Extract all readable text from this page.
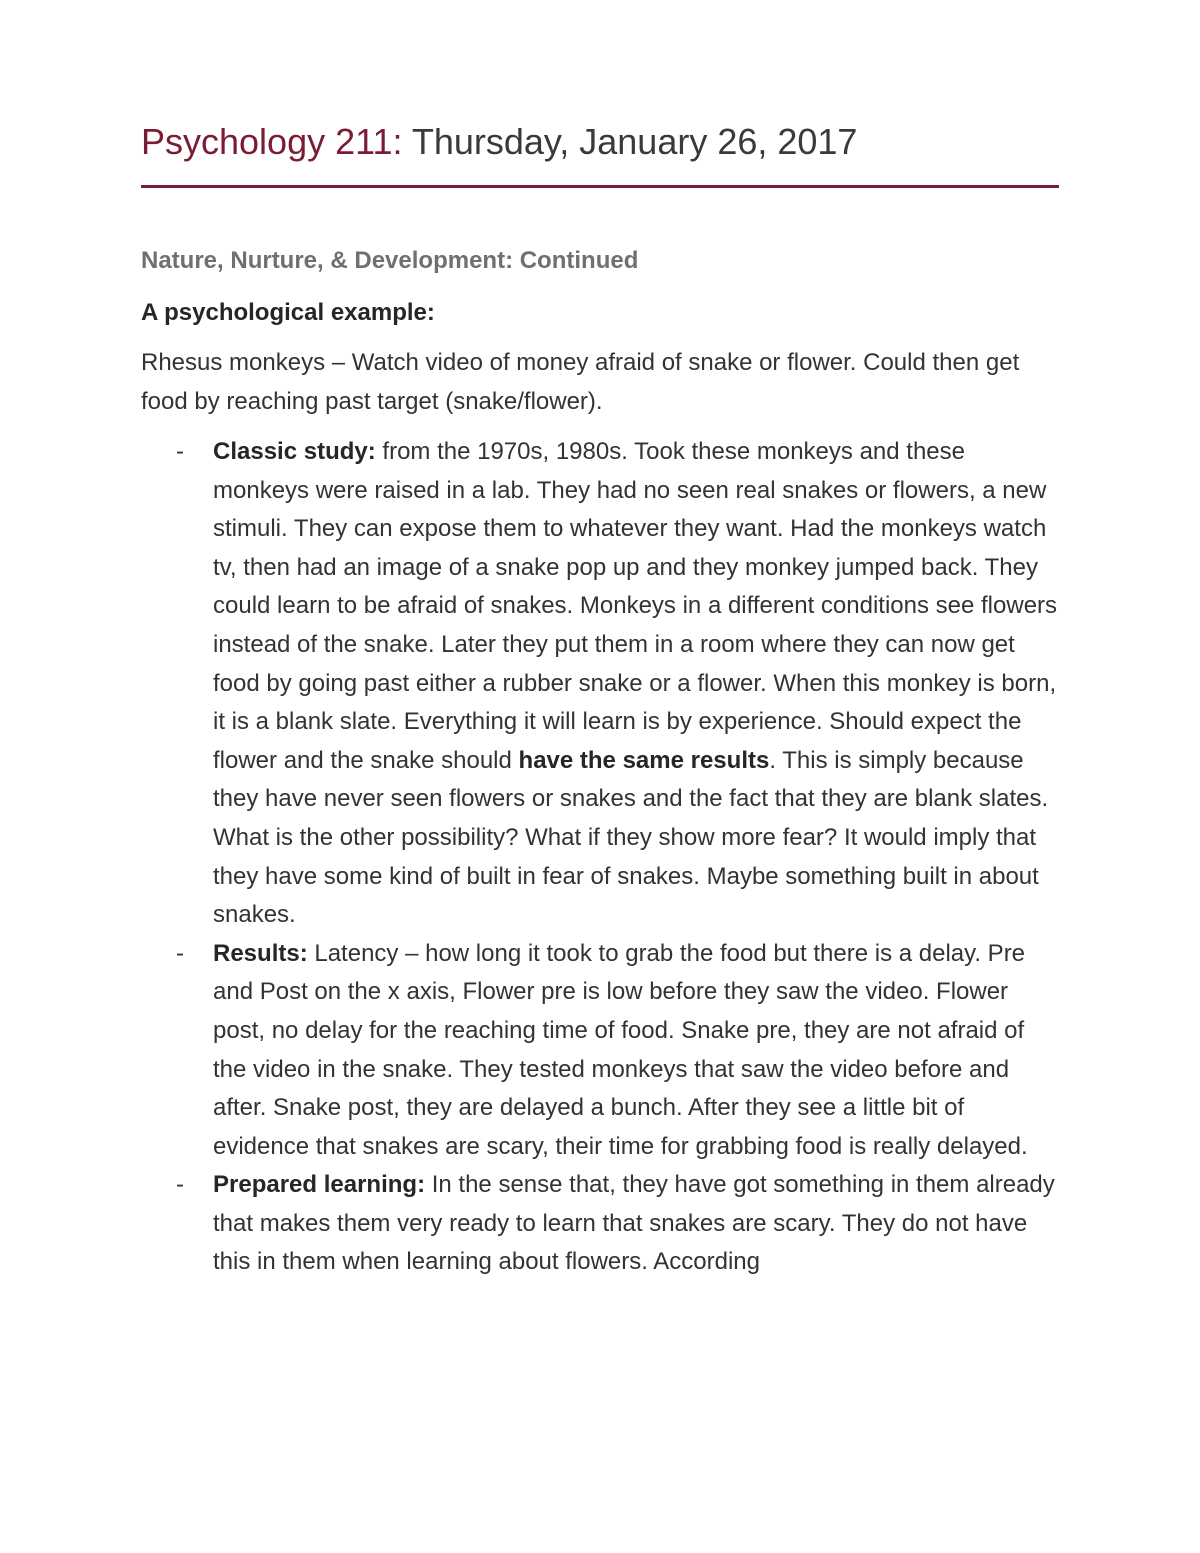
Psychology 211: Thursday, January 26, 2017
Nature, Nurture, & Development: Continued
A psychological example:

Rhesus monkeys – Watch video of money afraid of snake or flower. Could then get food by reaching past target (snake/flower).

- Classic study: from the 1970s, 1980s. Took these monkeys and these monkeys were raised in a lab. They had no seen real snakes or flowers, a new stimuli. They can expose them to whatever they want. Had the monkeys watch tv, then had an image of a snake pop up and they monkey jumped back. They could learn to be afraid of snakes. Monkeys in a different conditions see flowers instead of the snake. Later they put them in a room where they can now get food by going past either a rubber snake or a flower. When this monkey is born, it is a blank slate. Everything it will learn is by experience. Should expect the flower and the snake should have the same results. This is simply because they have never seen flowers or snakes and the fact that they are blank slates. What is the other possibility? What if they show more fear? It would imply that they have some kind of built in fear of snakes. Maybe something built in about snakes.
- Results: Latency – how long it took to grab the food but there is a delay. Pre and Post on the x axis, Flower pre is low before they saw the video. Flower post, no delay for the reaching time of food. Snake pre, they are not afraid of the video in the snake. They tested monkeys that saw the video before and after. Snake post, they are delayed a bunch. After they see a little bit of evidence that snakes are scary, their time for grabbing food is really delayed.
- Prepared learning: In the sense that, they have got something in them already that makes them very ready to learn that snakes are scary. They do not have this in them when learning about flowers. According
